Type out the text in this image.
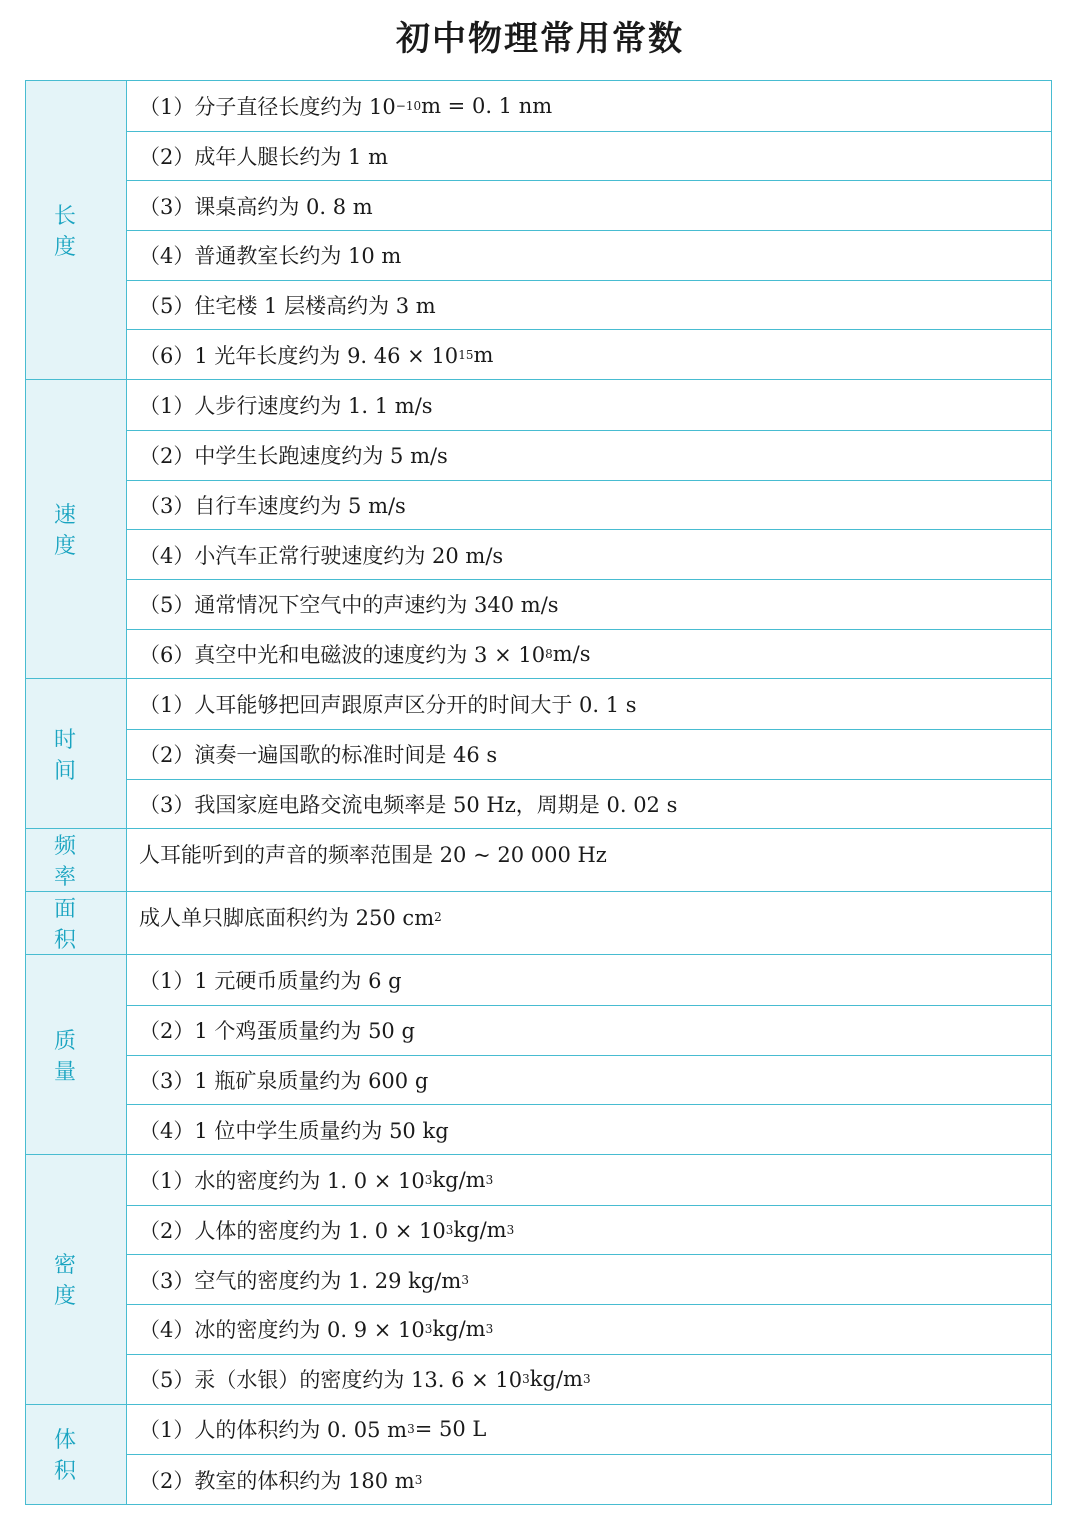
初中物理常用常数
长 度
（1）分子直径长度约为 10 −10 m = 0. 1 nm
（2）成年人腿长约为 1 m
（3）课桌高约为 0. 8 m
（4）普通教室长约为 10 m
（5）住宅楼 1 层楼高约为 3 m
（6）1 光年长度约为 9. 46 × 10 15 m
速 度
（1）人步行速度约为 1. 1 m/s
（2）中学生长跑速度约为 5 m/s
（3）自行车速度约为 5 m/s
（4）小汽车正常行驶速度约为 20 m/s
（5）通常情况下空气中的声速约为 340 m/s
（6）真空中光和电磁波的速度约为 3 × 10 8 m/s
时 间
（1）人耳能够把回声跟原声区分开的时间大于 0. 1 s
（2）演奏一遍国歌的标准时间是 46 s
（3）我国家庭电路交流电频率是 50 Hz，周期是 0. 02 s
频 率
人耳能听到的声音的频率范围是 20 ~ 20 000 Hz
面 积
成人单只脚底面积约为 250 cm 2
质 量
（1）1 元硬币质量约为 6 g
（2）1 个鸡蛋质量约为 50 g
（3）1 瓶矿泉质量约为 600 g
（4）1 位中学生质量约为 50 kg
密 度
（1）水的密度约为 1. 0 × 10 3 kg/m 3
（2）人体的密度约为 1. 0 × 10 3 kg/m 3
（3）空气的密度约为 1. 29 kg/m 3
（4）冰的密度约为 0. 9 × 10 3 kg/m 3
（5）汞（水银）的密度约为 13. 6 × 10 3 kg/m 3
体 积
（1）人的体积约为 0. 05 m 3 = 50 L
（2）教室的体积约为 180 m 3
